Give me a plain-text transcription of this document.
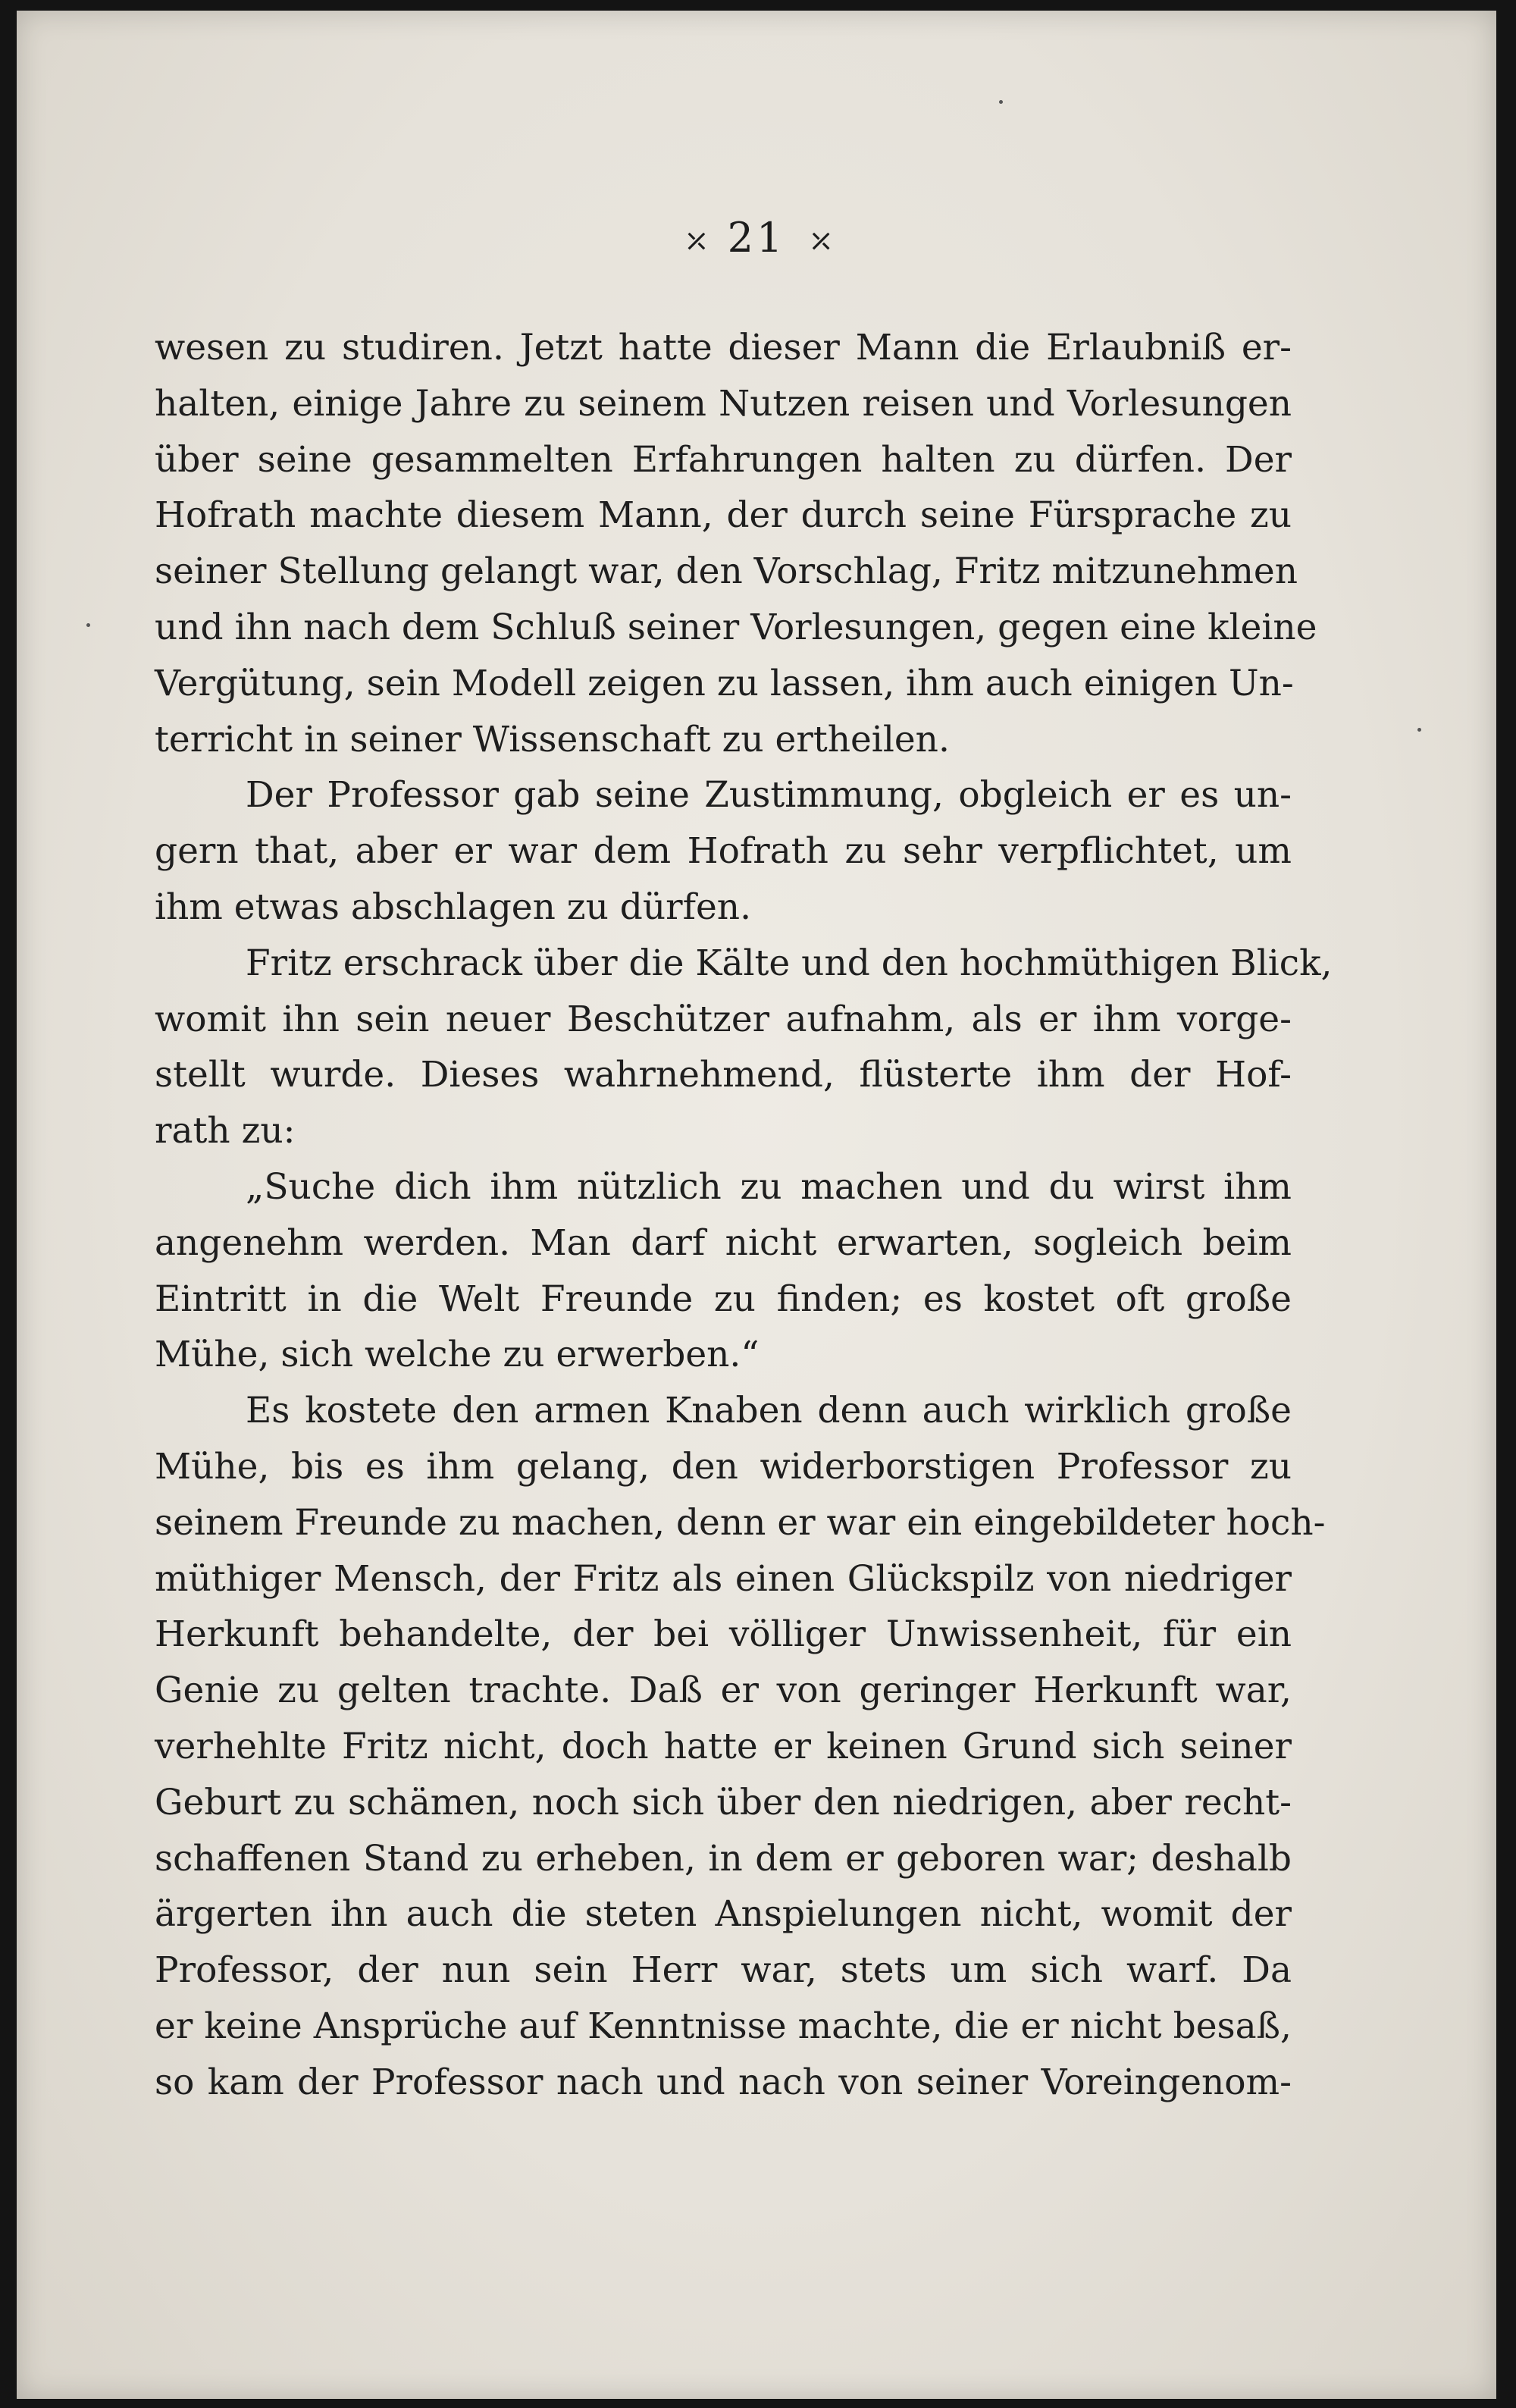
⤫ 21 ⤫
wesen zu studiren. Jetzt hatte dieser Mann die Erlaubniß er-
halten, einige Jahre zu seinem Nutzen reisen und Vorlesungen
über seine gesammelten Erfahrungen halten zu dürfen. Der
Hofrath machte diesem Mann, der durch seine Fürsprache zu
seiner Stellung gelangt war, den Vorschlag, Fritz mitzunehmen
und ihn nach dem Schluß seiner Vorlesungen, gegen eine kleine
Vergütung, sein Modell zeigen zu lassen, ihm auch einigen Un-
terricht in seiner Wissenschaft zu ertheilen.
Der Professor gab seine Zustimmung, obgleich er es un-
gern that, aber er war dem Hofrath zu sehr verpflichtet, um
ihm etwas abschlagen zu dürfen.
Fritz erschrack über die Kälte und den hochmüthigen Blick,
womit ihn sein neuer Beschützer aufnahm, als er ihm vorge-
stellt wurde. Dieses wahrnehmend, flüsterte ihm der Hof-
rath zu:
„Suche dich ihm nützlich zu machen und du wirst ihm
angenehm werden. Man darf nicht erwarten, sogleich beim
Eintritt in die Welt Freunde zu finden; es kostet oft große
Mühe, sich welche zu erwerben.“
Es kostete den armen Knaben denn auch wirklich große
Mühe, bis es ihm gelang, den widerborstigen Professor zu
seinem Freunde zu machen, denn er war ein eingebildeter hoch-
müthiger Mensch, der Fritz als einen Glückspilz von niedriger
Herkunft behandelte, der bei völliger Unwissenheit, für ein
Genie zu gelten trachte. Daß er von geringer Herkunft war,
verhehlte Fritz nicht, doch hatte er keinen Grund sich seiner
Geburt zu schämen, noch sich über den niedrigen, aber recht-
schaffenen Stand zu erheben, in dem er geboren war; deshalb
ärgerten ihn auch die steten Anspielungen nicht, womit der
Professor, der nun sein Herr war, stets um sich warf. Da
er keine Ansprüche auf Kenntnisse machte, die er nicht besaß,
so kam der Professor nach und nach von seiner Voreingenom-
